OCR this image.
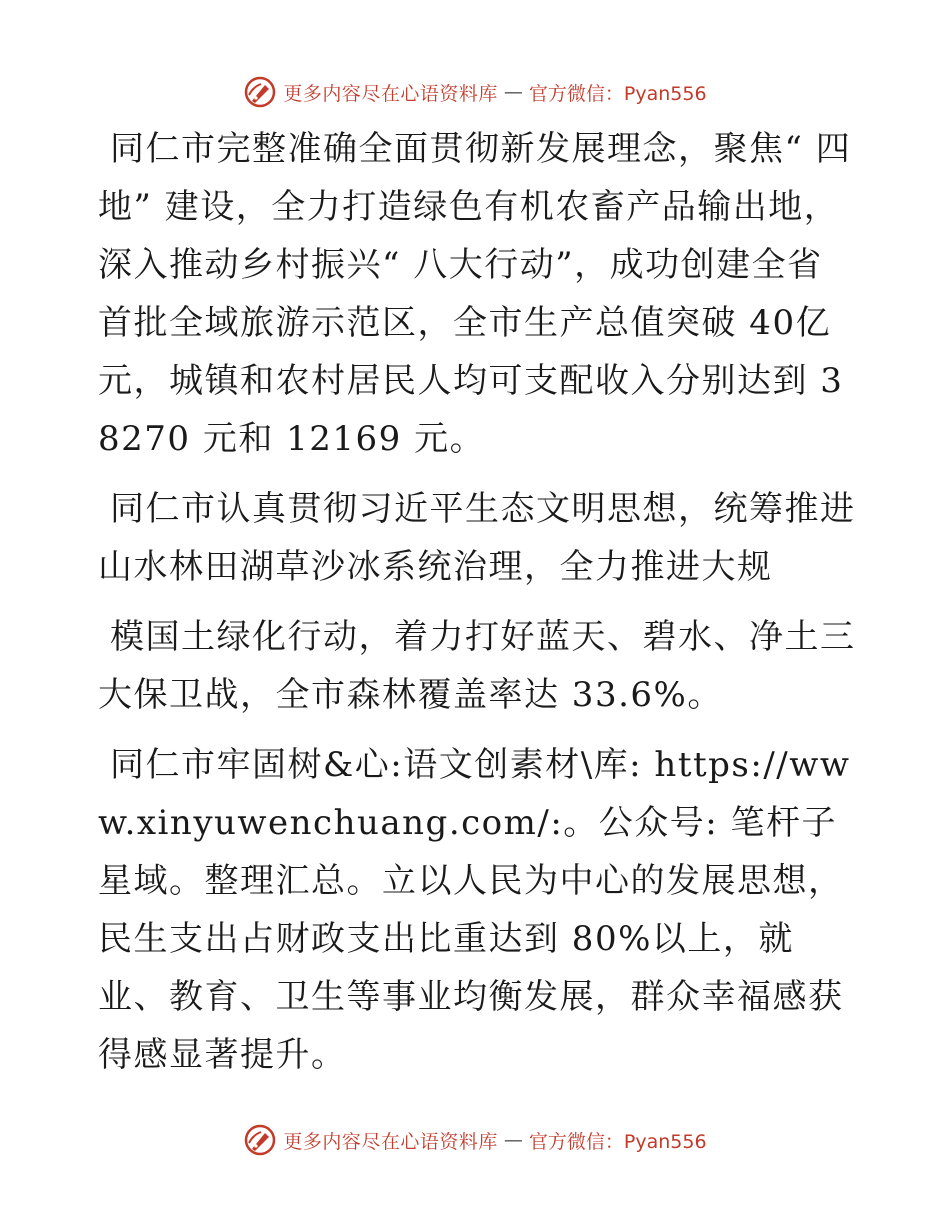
更多内容尽在心语资料库 — 官方微信：Pyan556

同仁市完整准确全面贯彻新发展理念，聚焦“ 四地” 建设，全力打造绿色有机农畜产品输出地，深入推动乡村振兴“ 八大行动”，成功创建全省首批全域旅游示范区，全市生产总值突破 40亿元，城镇和农村居民人均可支配收入分别达到 38270 元和 12169 元。

同仁市认真贯彻习近平生态文明思想，统筹推进山水林田湖草沙冰系统治理，全力推进大规

模国土绿化行动，着力打好蓝天、碧水、净土三大保卫战，全市森林覆盖率达 33.6%。

同仁市牢固树&心:语文创素材\库: https://www.xinyuwenchuang.com/:。公众号: 笔杆子星域。整理汇总。立以人民为中心的发展思想，民生支出占财政支出比重达到 80%以上，就业、教育、卫生等事业均衡发展，群众幸福感获得感显著提升。

更多内容尽在心语资料库 — 官方微信：Pyan556
